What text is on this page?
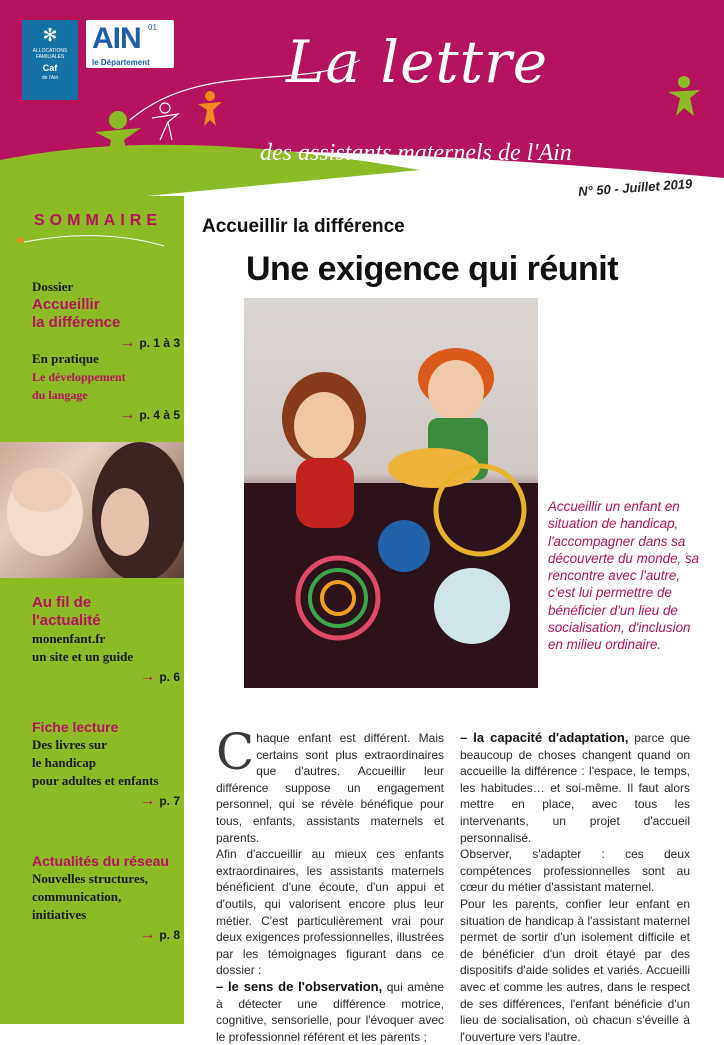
✻
ALLOCATIONS FAMILIALES
Caf
de l'Ain
AIN 01
le Département La lettre
des assistants maternels de l'Ain
N° 50 - Juillet 2019
SOMMAIRE
Dossier
Accueillir
la différence
→ p. 1 à 3
En pratique
Le développement
du langage
→ p. 4 à 5
Au fil de
l'actualité
monenfant.fr
un site et un guide
→ p. 6
Fiche lecture
Des livres sur
le handicap
pour adultes et enfants
→ p. 7
Actualités du réseau
Nouvelles structures,
communication,
initiatives
→ p. 8
Accueillir la différence
Une exigence qui réunit
Accueillir un enfant en situation de handicap, l'accompagner dans sa découverte du monde, sa rencontre avec l'autre, c'est lui permettre de bénéficier d'un lieu de socialisation, d'inclusion en milieu ordinaire.
C haque enfant est différent. Mais certains sont plus extraordinaires que d'autres. Accueillir leur différence suppose un engagement personnel, qui se révèle bénéfique pour tous, enfants, assistants maternels et parents.

Afin d'accueillir au mieux ces enfants extraordinaires, les assistants maternels bénéficient d'une écoute, d'un appui et d'outils, qui valorisent encore plus leur métier. C'est particulièrement vrai pour deux exigences professionnelles, illustrées par les témoignages figurant dans ce dossier :

– le sens de l'observation, qui amène à détecter une différence motrice, cognitive, sensorielle, pour l'évoquer avec le professionnel référent et les parents ;

– la capacité d'adaptation, parce que beaucoup de choses changent quand on accueille la différence : l'espace, le temps, les habitudes… et soi-même. Il faut alors mettre en place, avec tous les intervenants, un projet d'accueil personnalisé.

Observer, s'adapter : ces deux compétences professionnelles sont au cœur du métier d'assistant maternel.

Pour les parents, confier leur enfant en situation de handicap à l'assistant maternel permet de sortir d'un isolement difficile et de bénéficier d'un droit étayé par des dispositifs d'aide solides et variés. Accueilli avec et comme les autres, dans le respect de ses différences, l'enfant bénéficie d'un lieu de socialisation, où chacun s'éveille à l'ouverture vers l'autre.
